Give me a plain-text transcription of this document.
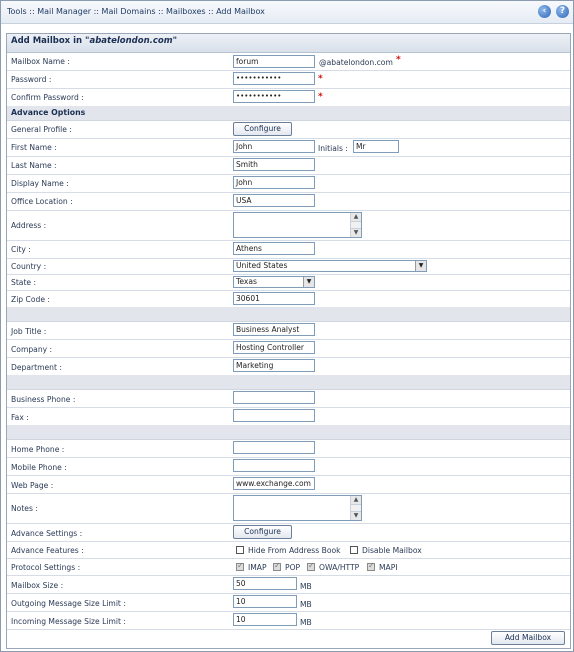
Tools :: Mail Manager :: Mail Domains :: Mailboxes :: Add Mailbox	‹	?
Add Mailbox in "abatelondon.com"
Mailbox Name :	forum	@abatelondon.com *
Password :	•••••••••••	*
Confirm Password :	•••••••••••	*
Advance Options
General Profile :	Configure
First Name :	John	Initials :	Mr
Last Name :	Smith
Display Name :	John
Office Location :	USA
Address :
▲
▼
City :	Athens
Country :	United States	▼
State :	Texas	▼
Zip Code :	30601
Job Title :	Business Analyst
Company :	Hosting Controller
Department :	Marketing
Business Phone :
Fax :
Home Phone :
Mobile Phone :
Web Page :	www.exchange.com
Notes :
▲
▼
Advance Settings :	Configure
Advance Features :	Hide From Address Book	Disable Mailbox
Protocol Settings : ✓	IMAP ✓ POP ✓ OWA/HTTP ✓	MAPI
Mailbox Size :	50	MB
Outgoing Message Size Limit :	10	MB
Incoming Message Size Limit :	10	MB
Add Mailbox
